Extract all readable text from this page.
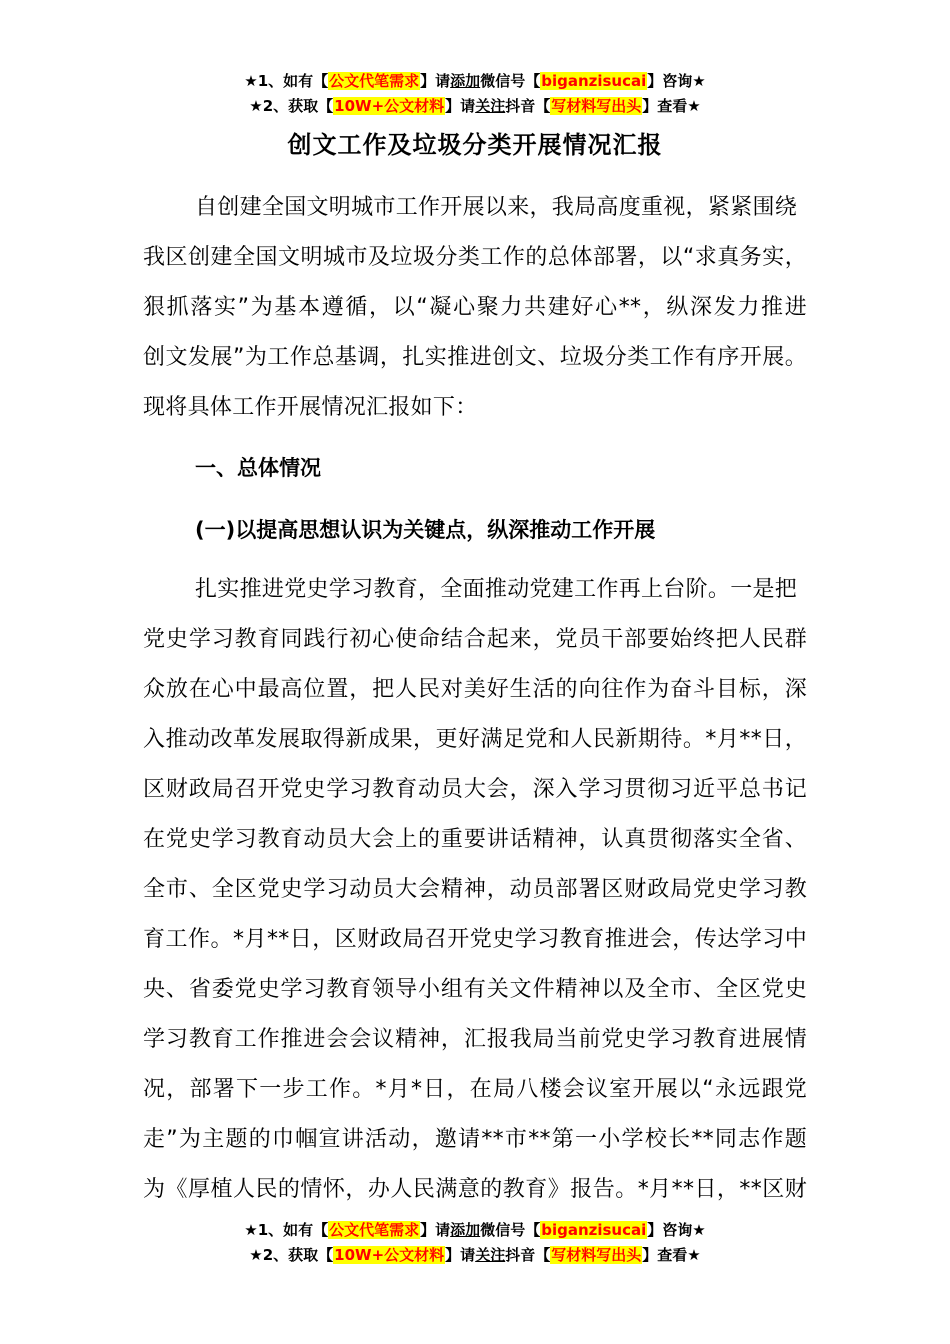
★1、如有【公文代笔需求】请添加微信号【biganzisucai】咨询★
★2、获取【10W+公文材料】请关注抖音【写材料写出头】查看★
创文工作及垃圾分类开展情况汇报
自创建全国文明城市工作开展以来，我局高度重视，紧紧围绕
我区创建全国文明城市及垃圾分类工作的总体部署，以“求真务实，
狠抓落实”为基本遵循，以“凝心聚力共建好心**，纵深发力推进
创文发展”为工作总基调，扎实推进创文、垃圾分类工作有序开展。
现将具体工作开展情况汇报如下：
一、总体情况
(一)以提高思想认识为关键点，纵深推动工作开展
扎实推进党史学习教育，全面推动党建工作再上台阶。一是把
党史学习教育同践行初心使命结合起来，党员干部要始终把人民群
众放在心中最高位置，把人民对美好生活的向往作为奋斗目标，深
入推动改革发展取得新成果，更好满足党和人民新期待。*月**日，
区财政局召开党史学习教育动员大会，深入学习贯彻习近平总书记
在党史学习教育动员大会上的重要讲话精神，认真贯彻落实全省、
全市、全区党史学习动员大会精神，动员部署区财政局党史学习教
育工作。*月**日，区财政局召开党史学习教育推进会，传达学习中
央、省委党史学习教育领导小组有关文件精神以及全市、全区党史
学习教育工作推进会会议精神，汇报我局当前党史学习教育进展情
况，部署下一步工作。*月*日，在局八楼会议室开展以“永远跟党
走”为主题的巾帼宣讲活动，邀请**市**第一小学校长**同志作题
为《厚植人民的情怀，办人民满意的教育》报告。*月**日，**区财
★1、如有【公文代笔需求】请添加微信号【biganzisucai】咨询★
★2、获取【10W+公文材料】请关注抖音【写材料写出头】查看★
